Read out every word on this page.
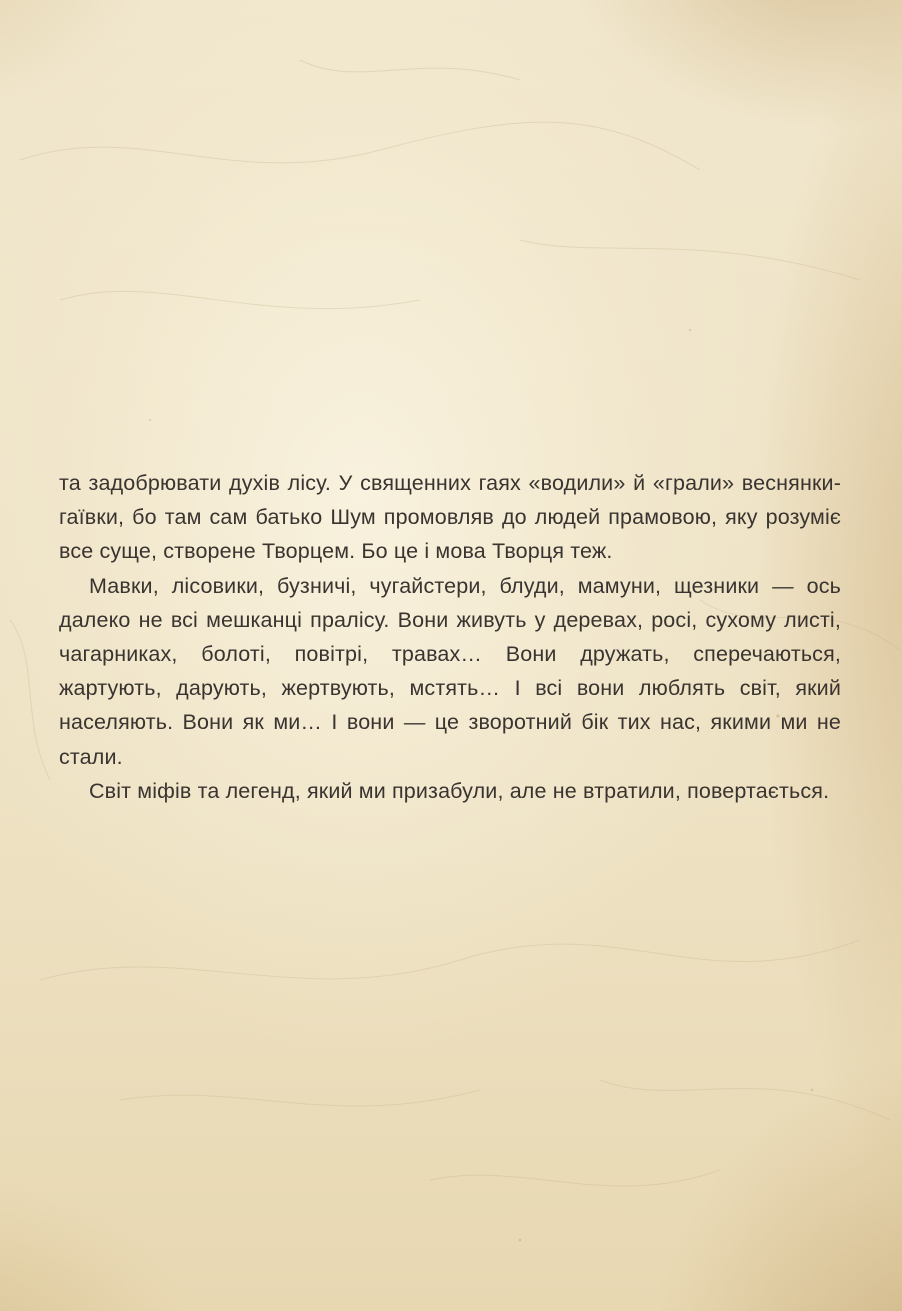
та задобрювати духів лісу. У священних гаях «водили» й «грали» веснянки-гаївки, бо там сам батько Шум промовляв до людей прамовою, яку розуміє все суще, створене Творцем. Бо це і мова Творця теж.

Мавки, лісовики, бузничі, чугайстери, блуди, мамуни, щезники — ось далеко не всі мешканці пралісу. Вони живуть у деревах, росі, сухому листі, чагарниках, болоті, повітрі, травах… Вони дружать, сперечаються, жартують, дарують, жертвують, мстять… І всі вони люблять світ, який населяють. Вони як ми… І вони — це зворотний бік тих нас, якими ми не стали.

Світ міфів та легенд, який ми призабули, але не втратили, повертається.
